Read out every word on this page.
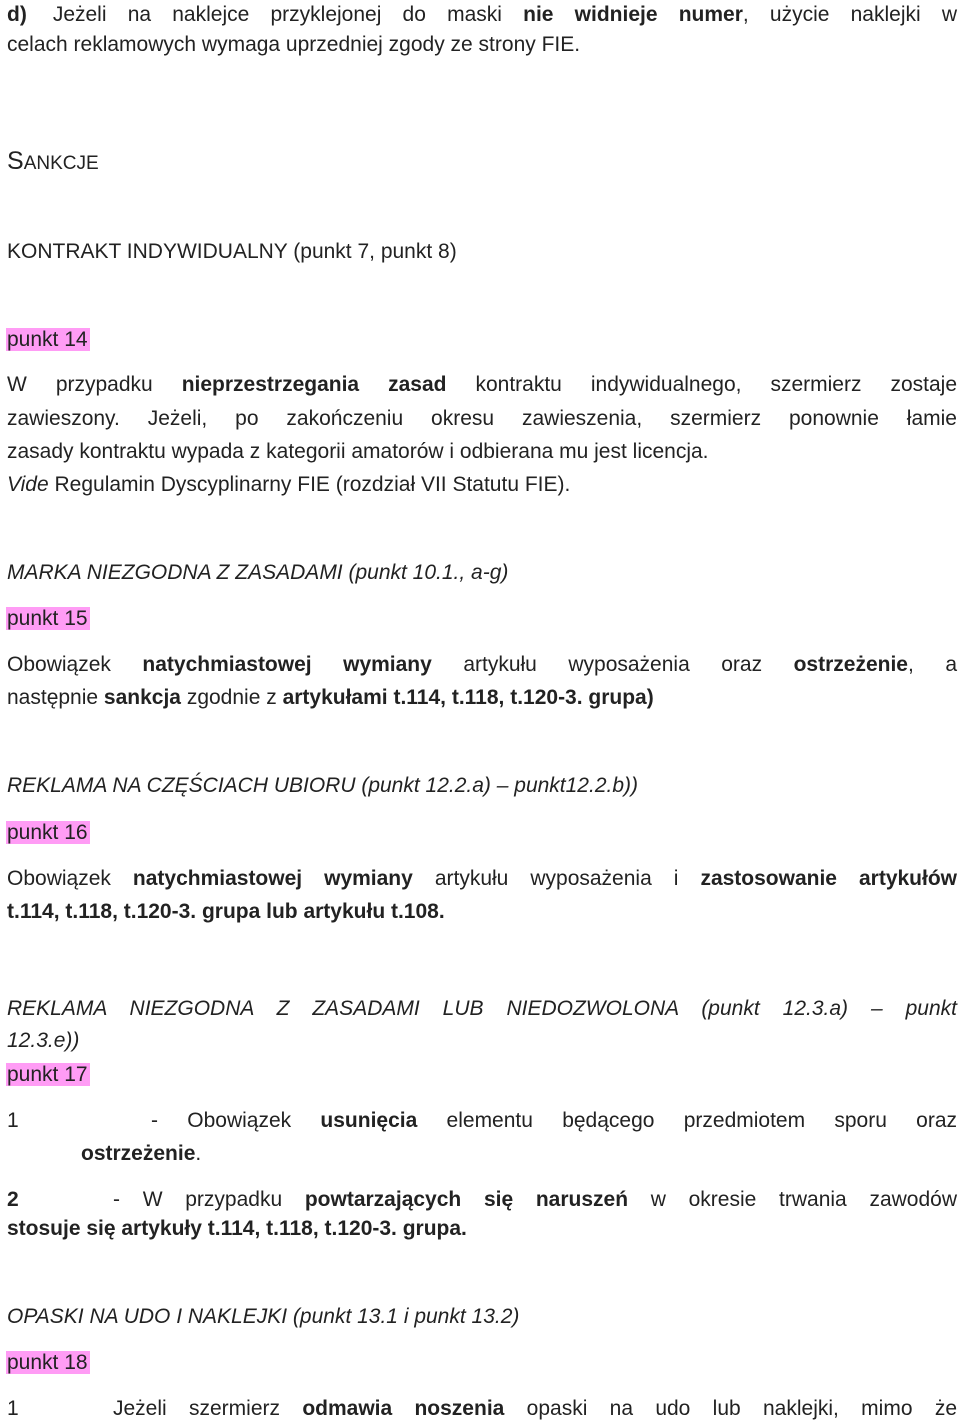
d) Jeżeli na naklejce przyklejonej do maski nie widnieje numer, użycie naklejki w
celach reklamowych wymaga uprzedniej zgody ze strony FIE.
SANKCJE
KONTRAKT INDYWIDUALNY (punkt 7, punkt 8)
punkt 14
W przypadku nieprzestrzegania zasad kontraktu indywidualnego, szermierz zostaje
zawieszony. Jeżeli, po zakończeniu okresu zawieszenia, szermierz ponownie łamie
zasady kontraktu wypada z kategorii amatorów i odbierana mu jest licencja.
Vide Regulamin Dyscyplinarny FIE (rozdział VII Statutu FIE).
MARKA NIEZGODNA Z ZASADAMI (punkt 10.1., a-g)
punkt 15
Obowiązek natychmiastowej wymiany artykułu wyposażenia oraz ostrzeżenie, a
następnie sankcja zgodnie z artykułami t.114, t.118, t.120-3. grupa)
REKLAMA NA CZĘŚCIACH UBIORU (punkt 12.2.a) – punkt12.2.b))
punkt 16
Obowiązek natychmiastowej wymiany artykułu wyposażenia i zastosowanie artykułów
t.114, t.118, t.120-3. grupa lub artykułu t.108.
REKLAMA NIEZGODNA Z ZASADAMI LUB NIEDOZWOLONA (punkt 12.3.a) – punkt
12.3.e))
punkt 17
1	- Obowiązek usunięcia elementu będącego przedmiotem sporu oraz
ostrzeżenie.
2	- W przypadku powtarzających się naruszeń w okresie trwania zawodów
stosuje się artykuły t.114, t.118, t.120-3. grupa.
OPASKI NA UDO I NAKLEJKI (punkt 13.1 i punkt 13.2)
punkt 18
1	Jeżeli szermierz odmawia noszenia opaski na udo lub naklejki, mimo że
